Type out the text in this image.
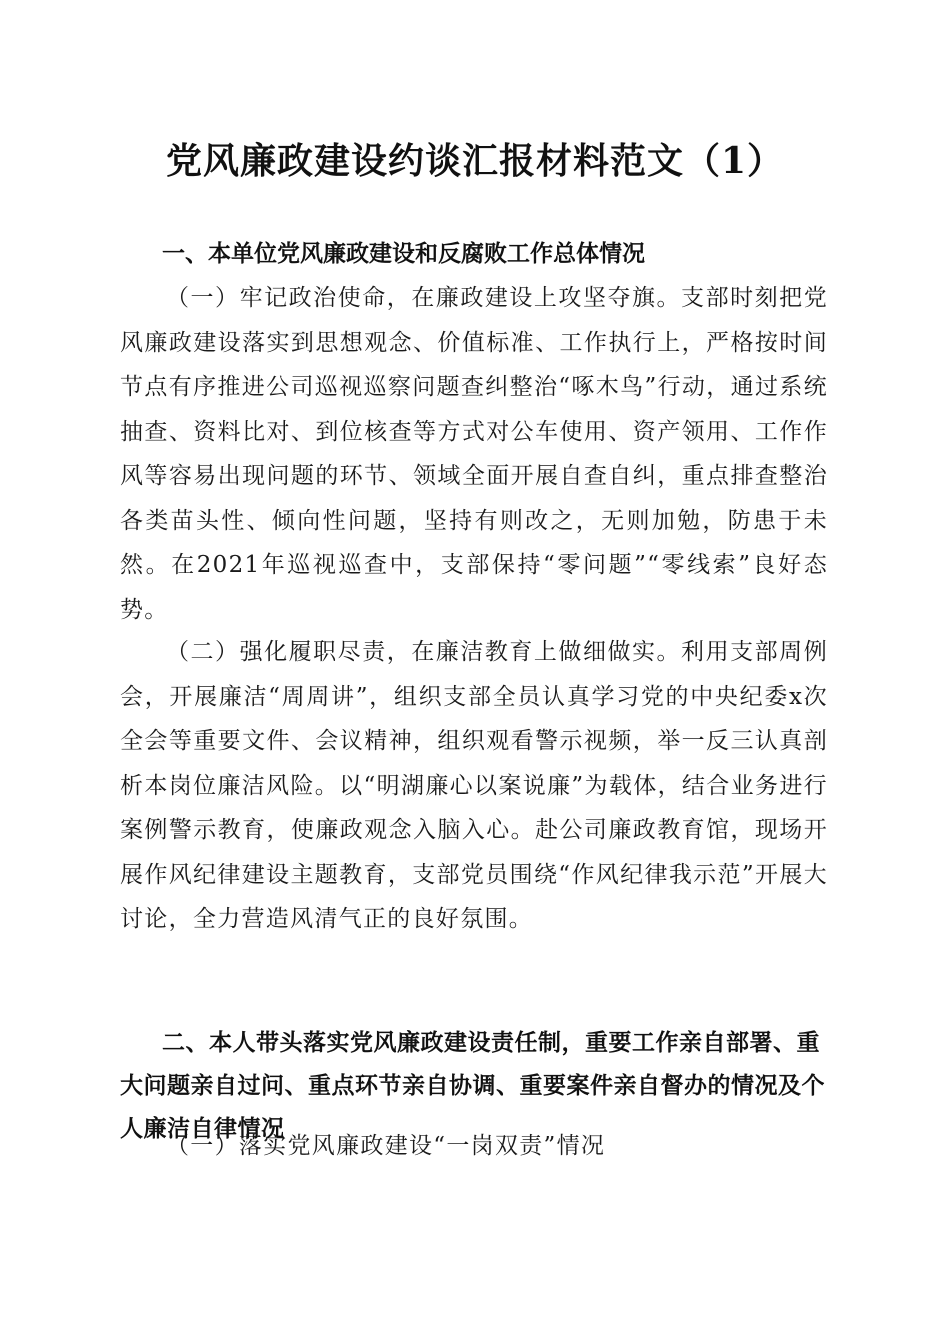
党风廉政建设约谈汇报材料范文（1）
一、本单位党风廉政建设和反腐败工作总体情况
（一）牢记政治使命，在廉政建设上攻坚夺旗。支部时刻把党风廉政建设落实到思想观念、价值标准、工作执行上，严格按时间节点有序推进公司巡视巡察问题查纠整治“啄木鸟”行动，通过系统抽查、资料比对、到位核查等方式对公车使用、资产领用、工作作风等容易出现问题的环节、领域全面开展自查自纠，重点排查整治各类苗头性、倾向性问题，坚持有则改之，无则加勉，防患于未然。在2021年巡视巡查中，支部保持“零问题”“零线索”良好态势。
（二）强化履职尽责，在廉洁教育上做细做实。利用支部周例会，开展廉洁“周周讲”，组织支部全员认真学习党的中央纪委x次全会等重要文件、会议精神，组织观看警示视频，举一反三认真剖析本岗位廉洁风险。以“明湖廉心以案说廉”为载体，结合业务进行案例警示教育，使廉政观念入脑入心。赴公司廉政教育馆，现场开展作风纪律建设主题教育，支部党员围绕“作风纪律我示范”开展大讨论，全力营造风清气正的良好氛围。
二、本人带头落实党风廉政建设责任制，重要工作亲自部署、重大问题亲自过问、重点环节亲自协调、重要案件亲自督办的情况及个人廉洁自律情况
（一）落实党风廉政建设“一岗双责”情况
